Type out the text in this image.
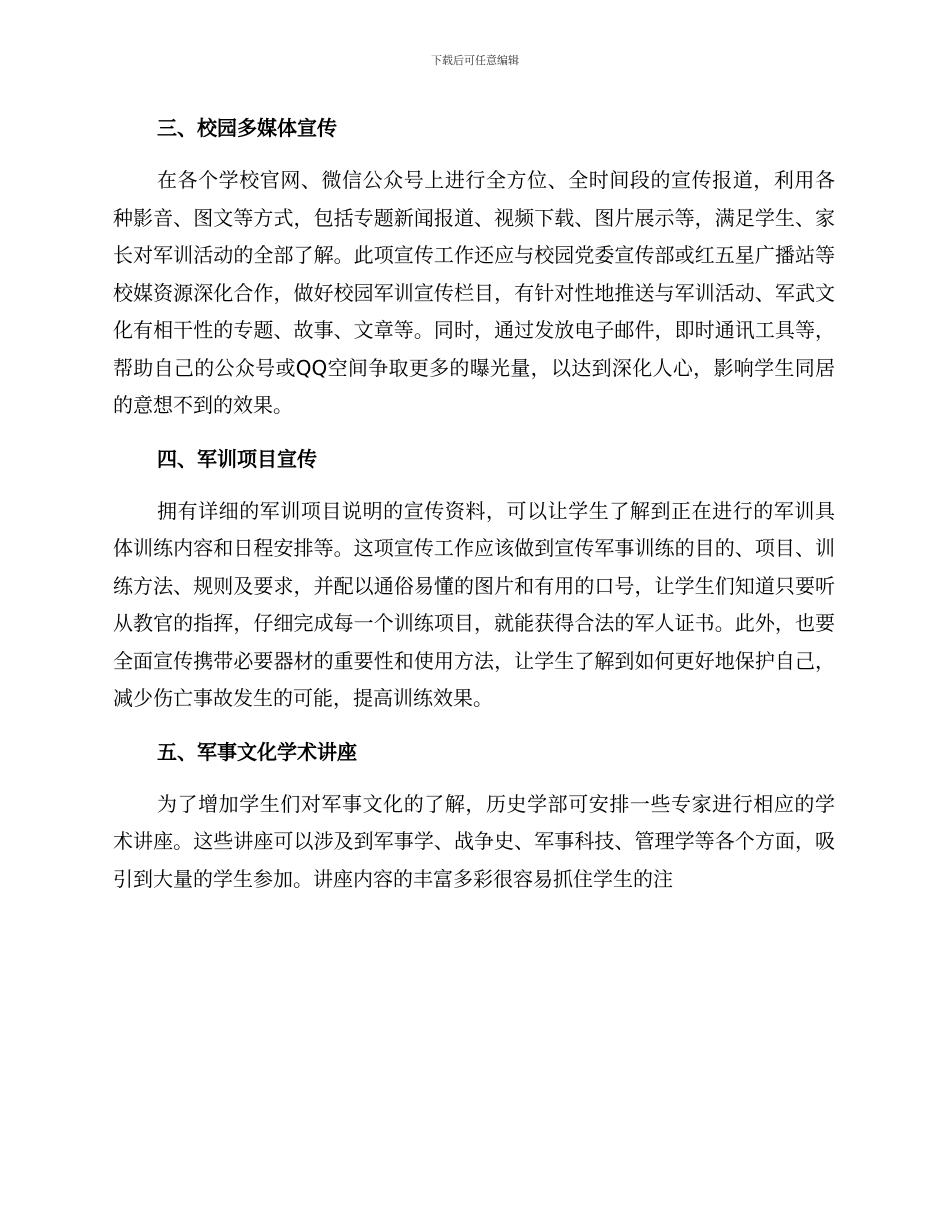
下载后可任意编辑
三、校园多媒体宣传

在各个学校官网、微信公众号上进行全方位、全时间段的宣传报道，利用各种影音、图文等方式，包括专题新闻报道、视频下载、图片展示等，满足学生、家长对军训活动的全部了解。此项宣传工作还应与校园党委宣传部或红五星广播站等校媒资源深化合作，做好校园军训宣传栏目，有针对性地推送与军训活动、军武文化有相干性的专题、故事、文章等。同时，通过发放电子邮件，即时通讯工具等，帮助自己的公众号或QQ空间争取更多的曝光量，以达到深化人心，影响学生同居的意想不到的效果。

四、军训项目宣传

拥有详细的军训项目说明的宣传资料，可以让学生了解到正在进行的军训具体训练内容和日程安排等。这项宣传工作应该做到宣传军事训练的目的、项目、训练方法、规则及要求，并配以通俗易懂的图片和有用的口号，让学生们知道只要听从教官的指挥，仔细完成每一个训练项目，就能获得合法的军人证书。此外，也要全面宣传携带必要器材的重要性和使用方法，让学生了解到如何更好地保护自己，减少伤亡事故发生的可能，提高训练效果。

五、军事文化学术讲座

为了增加学生们对军事文化的了解，历史学部可安排一些专家进行相应的学术讲座。这些讲座可以涉及到军事学、战争史、军事科技、管理学等各个方面，吸引到大量的学生参加。讲座内容的丰富多彩很容易抓住学生的注
